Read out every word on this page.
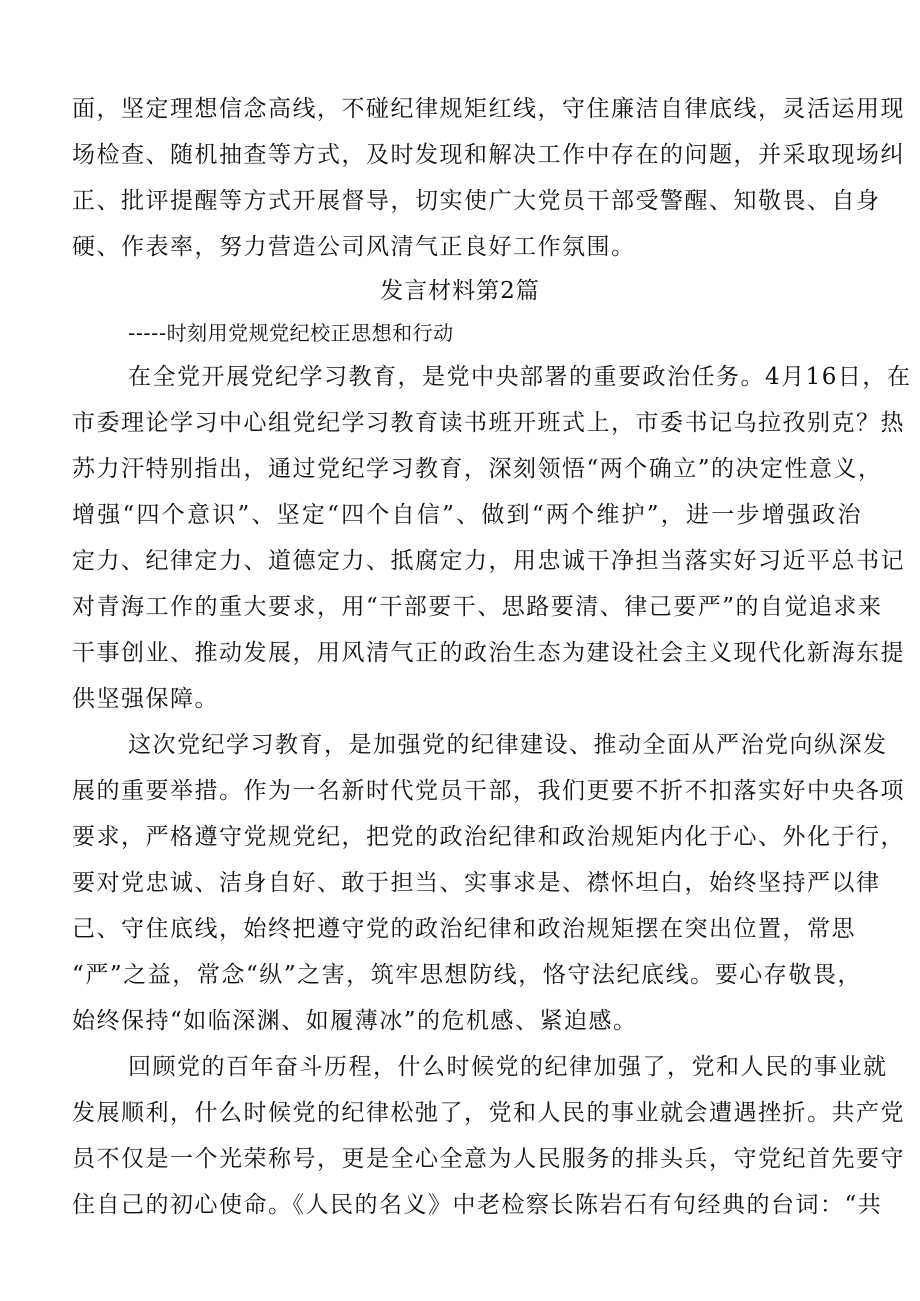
面，坚定理想信念高线，不碰纪律规矩红线，守住廉洁自律底线，灵活运用现
场检查、随机抽查等方式，及时发现和解决工作中存在的问题，并采取现场纠
正、批评提醒等方式开展督导，切实使广大党员干部受警醒、知敬畏、自身
硬、作表率，努力营造公司风清气正良好工作氛围。
发言材料第2篇
-----时刻用党规党纪校正思想和行动
在全党开展党纪学习教育，是党中央部署的重要政治任务。4月16日，在
市委理论学习中心组党纪学习教育读书班开班式上，市委书记乌拉孜别克？热
苏力汗特别指出，通过党纪学习教育，深刻领悟“两个确立”的决定性意义，
增强“四个意识”、坚定“四个自信”、做到“两个维护”，进一步增强政治
定力、纪律定力、道德定力、抵腐定力，用忠诚干净担当落实好习近平总书记
对青海工作的重大要求，用“干部要干、思路要清、律己要严”的自觉追求来
干事创业、推动发展，用风清气正的政治生态为建设社会主义现代化新海东提
供坚强保障。
这次党纪学习教育，是加强党的纪律建设、推动全面从严治党向纵深发
展的重要举措。作为一名新时代党员干部，我们更要不折不扣落实好中央各项
要求，严格遵守党规党纪，把党的政治纪律和政治规矩内化于心、外化于行，
要对党忠诚、洁身自好、敢于担当、实事求是、襟怀坦白，始终坚持严以律
己、守住底线，始终把遵守党的政治纪律和政治规矩摆在突出位置，常思
“严”之益，常念“纵”之害，筑牢思想防线，恪守法纪底线。要心存敬畏，
始终保持“如临深渊、如履薄冰”的危机感、紧迫感。
回顾党的百年奋斗历程，什么时候党的纪律加强了，党和人民的事业就
发展顺利，什么时候党的纪律松弛了，党和人民的事业就会遭遇挫折。共产党
员不仅是一个光荣称号，更是全心全意为人民服务的排头兵，守党纪首先要守
住自己的初心使命。《人民的名义》中老检察长陈岩石有句经典的台词：“共
